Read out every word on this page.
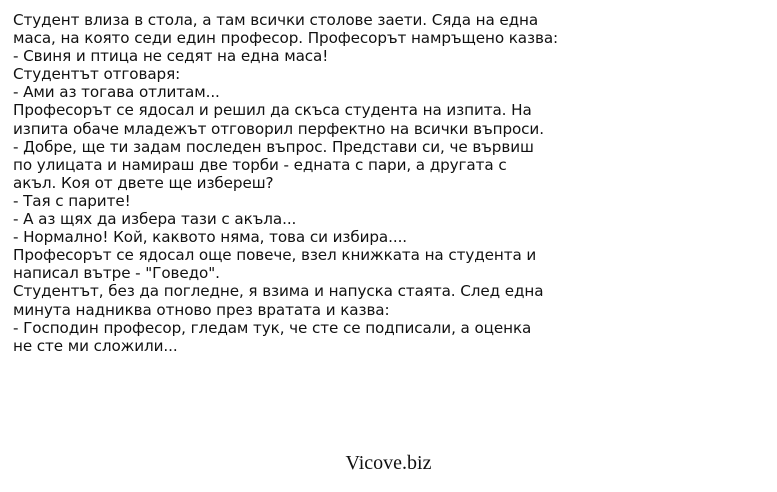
Студент влиза в стола, а там всички столове заети. Сяда на една
маса, на която седи един професор. Професорът намръщено казва:
- Свиня и птица не седят на една маса!
Студентът отговаря:
- Ами аз тогава отлитам...
Професорът се ядосал и решил да скъса студента на изпита. На
изпита обаче младежът отговорил перфектно на всички въпроси.
- Добре, ще ти задам последен въпрос. Представи си, че вървиш
по улицата и намираш две торби - едната с пари, а другата с
акъл. Коя от двете ще избереш?
- Тая с парите!
- А аз щях да избера тази с акъла...
- Нормално! Кой, каквото няма, това си избира....
Професорът се ядосал още повече, взел книжката на студента и
написал вътре - "Говедо".
Студентът, без да погледне, я взима и напуска стаята. След една
минута надниква отново през вратата и казва:
- Господин професор, гледам тук, че сте се подписали, а оценка
не сте ми сложили...
Vicove.biz
